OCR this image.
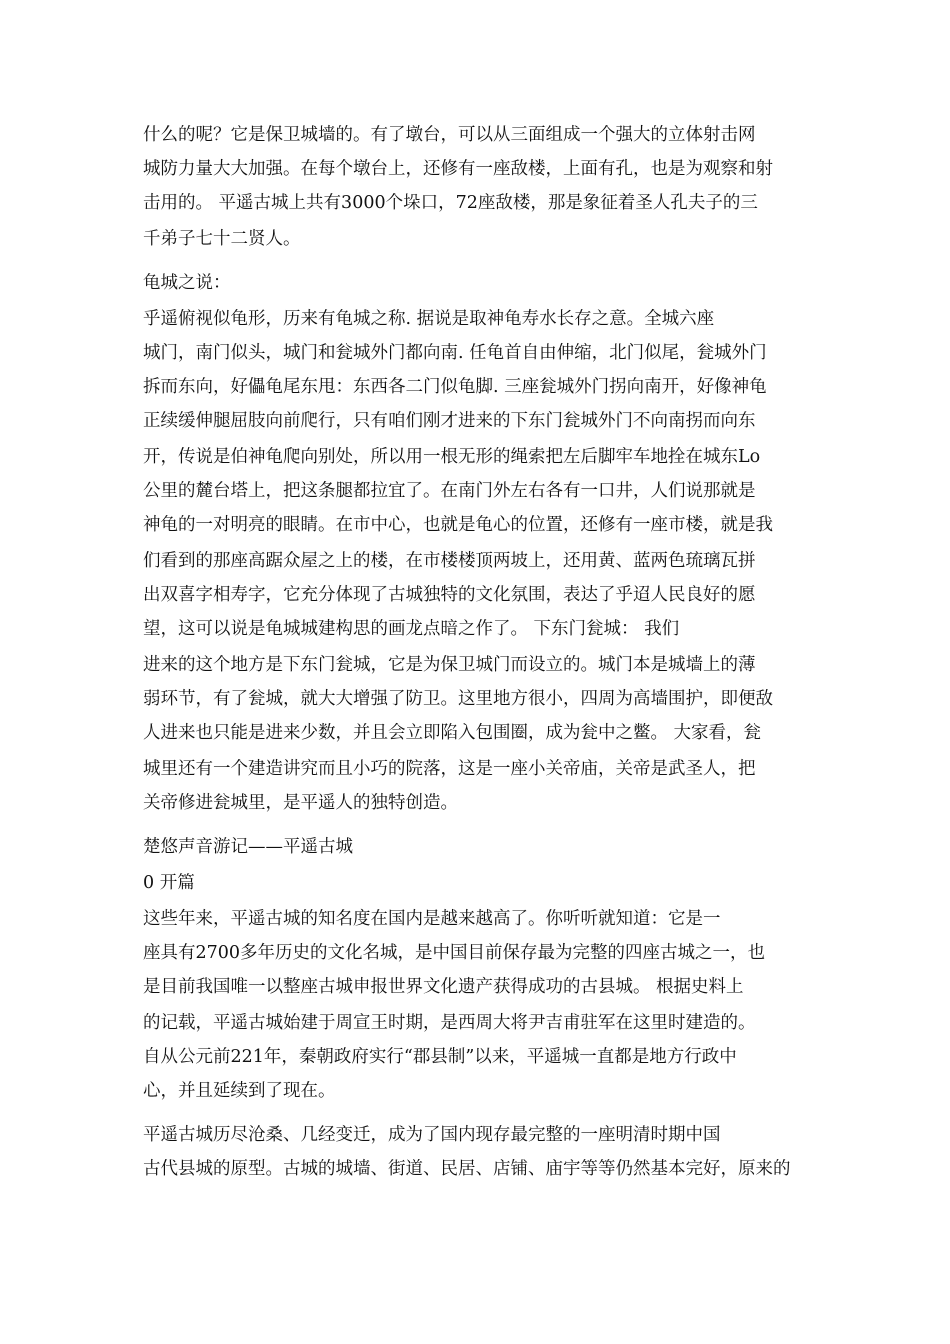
什么的呢？它是保卫城墙的。有了墩台，可以从三面组成一个强大的立体射击网
城防力量大大加强。在每个墩台上，还修有一座敌楼，上面有孔，也是为观察和射
击用的。 平遥古城上共有3000个垛口，72座敌楼，那是象征着圣人孔夫子的三
千弟子七十二贤人。
龟城之说：
乎遥俯视似龟形，历来有龟城之称. 据说是取神龟寿水长存之意。全城六座
城门，南门似头，城门和瓮城外门都向南. 任龟首自由伸缩，北门似尾，瓮城外门
拆而东向，好儡龟尾东甩：东西各二门似龟脚. 三座瓮城外门拐向南开，好像神龟
正续缓伸腿屈肢向前爬行，只有咱们刚才进来的下东门瓮城外门不向南拐而向东
开，传说是伯神龟爬向别处，所以用一根无形的绳索把左后脚牢车地拴在城东Lo
公里的麓台塔上，把这条腿都拉宜了。在南门外左右各有一口井，人们说那就是
神龟的一对明亮的眼睛。在市中心，也就是龟心的位置，还修有一座市楼，就是我
们看到的那座高踞众屋之上的楼，在市楼楼顶两坡上，还用黄、蓝两色琉璃瓦拼
出双喜字相寿字，它充分体现了古城独特的文化氛围，表达了乎迢人民良好的愿
望，这可以说是龟城城建构思的画龙点暗之作了。 下东门瓮城： 我们
进来的这个地方是下东门瓮城，它是为保卫城门而设立的。城门本是城墙上的薄
弱环节，有了瓮城，就大大增强了防卫。这里地方很小，四周为高墙围护，即便敌
人进来也只能是进来少数，并且会立即陷入包围圈，成为瓮中之鳖。 大家看，瓮
城里还有一个建造讲究而且小巧的院落，这是一座小关帝庙，关帝是武圣人，把
关帝修进瓮城里，是平遥人的独特创造。
楚悠声音游记——平遥古城
0 开篇
这些年来，平遥古城的知名度在国内是越来越高了。你听听就知道：它是一
座具有2700多年历史的文化名城，是中国目前保存最为完整的四座古城之一，也
是目前我国唯一以整座古城申报世界文化遗产获得成功的古县城。 根据史料上
的记载，平遥古城始建于周宣王时期，是西周大将尹吉甫驻军在这里时建造的。
自从公元前221年，秦朝政府实行“郡县制”以来，平遥城一直都是地方行政中
心，并且延续到了现在。
平遥古城历尽沧桑、几经变迁，成为了国内现存最完整的一座明清时期中国
古代县城的原型。古城的城墙、街道、民居、店铺、庙宇等等仍然基本完好，原来的
